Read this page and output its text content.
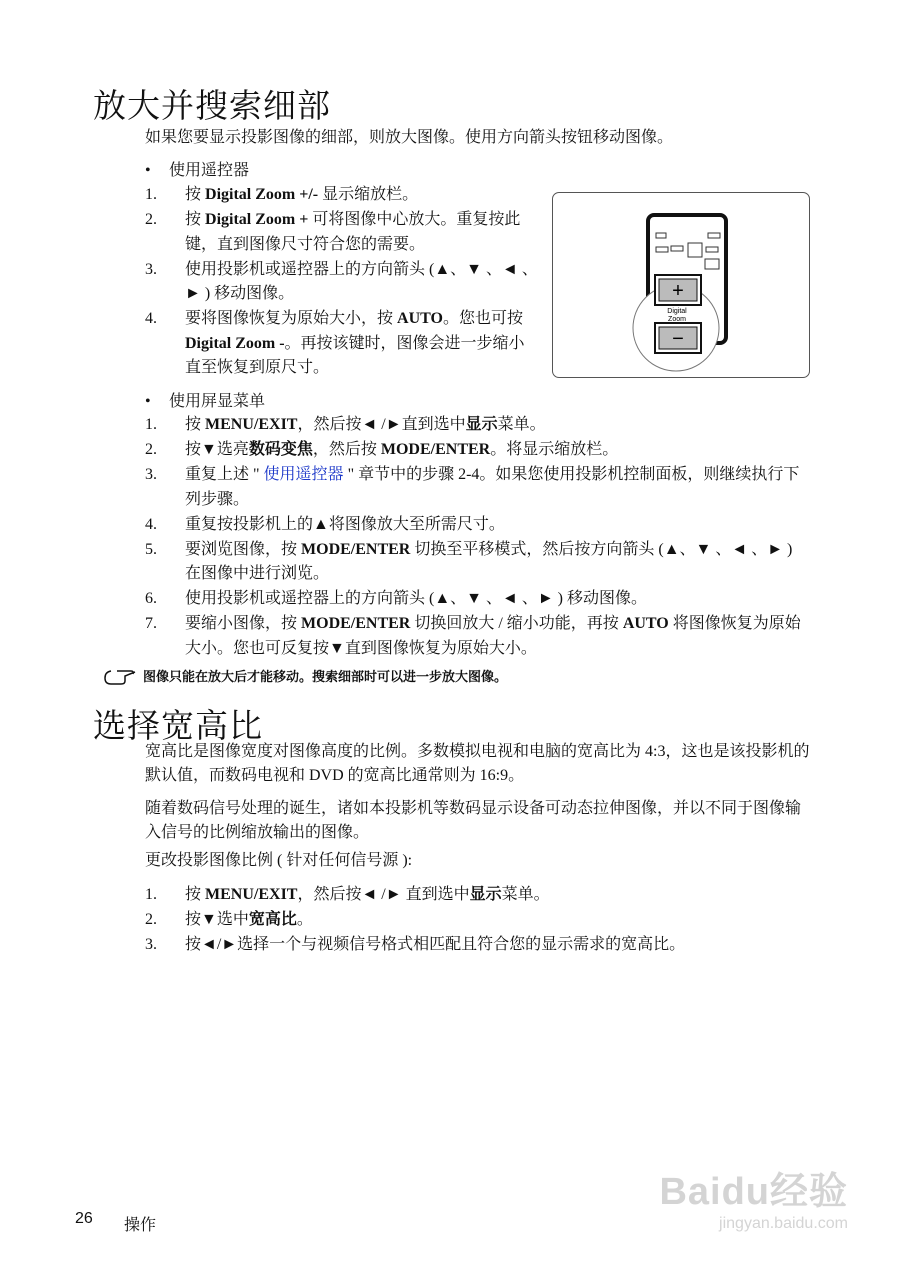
放大并搜索细部
如果您要显示投影图像的细部，则放大图像。使用方向箭头按钮移动图像。
• 使用遥控器
1. 按 Digital Zoom +/- 显示缩放栏。
2. 按 Digital Zoom + 可将图像中心放大。重复按此键，直到图像尺寸符合您的需要。
3. 使用投影机或遥控器上的方向箭头 (▲、▼ 、◄ 、► ) 移动图像。
4. 要将图像恢复为原始大小，按 AUTO。您也可按 Digital Zoom -。再按该键时，图像会进一步缩小直至恢复到原尺寸。
+
Digital
Zoom
−
• 使用屏显菜单
1. 按 MENU/EXIT，然后按◄ /►直到选中显示菜单。
2. 按▼选亮数码变焦，然后按 MODE/ENTER。将显示缩放栏。
3. 重复上述 " 使用遥控器 " 章节中的步骤 2-4。如果您使用投影机控制面板，则继续执行下列步骤。
4. 重复按投影机上的▲将图像放大至所需尺寸。
5. 要浏览图像，按 MODE/ENTER 切换至平移模式，然后按方向箭头 (▲、▼ 、◄ 、► ) 在图像中进行浏览。
6. 使用投影机或遥控器上的方向箭头 (▲、▼ 、◄ 、► ) 移动图像。
7. 要缩小图像，按 MODE/ENTER 切换回放大 / 缩小功能，再按 AUTO 将图像恢复为原始大小。您也可反复按▼直到图像恢复为原始大小。
图像只能在放大后才能移动。搜索细部时可以进一步放大图像。
选择宽高比
宽高比是图像宽度对图像高度的比例。多数模拟电视和电脑的宽高比为 4:3，这也是该投影机的默认值，而数码电视和 DVD 的宽高比通常则为 16:9。
随着数码信号处理的诞生，诸如本投影机等数码显示设备可动态拉伸图像，并以不同于图像输入信号的比例缩放输出的图像。
更改投影图像比例 ( 针对任何信号源 ):
1. 按 MENU/EXIT，然后按◄ /► 直到选中显示菜单。
2. 按▼选中宽高比。
3. 按◄/►选择一个与视频信号格式相匹配且符合您的显示需求的宽高比。
26 操作
Baidu经验
jingyan.baidu.com
